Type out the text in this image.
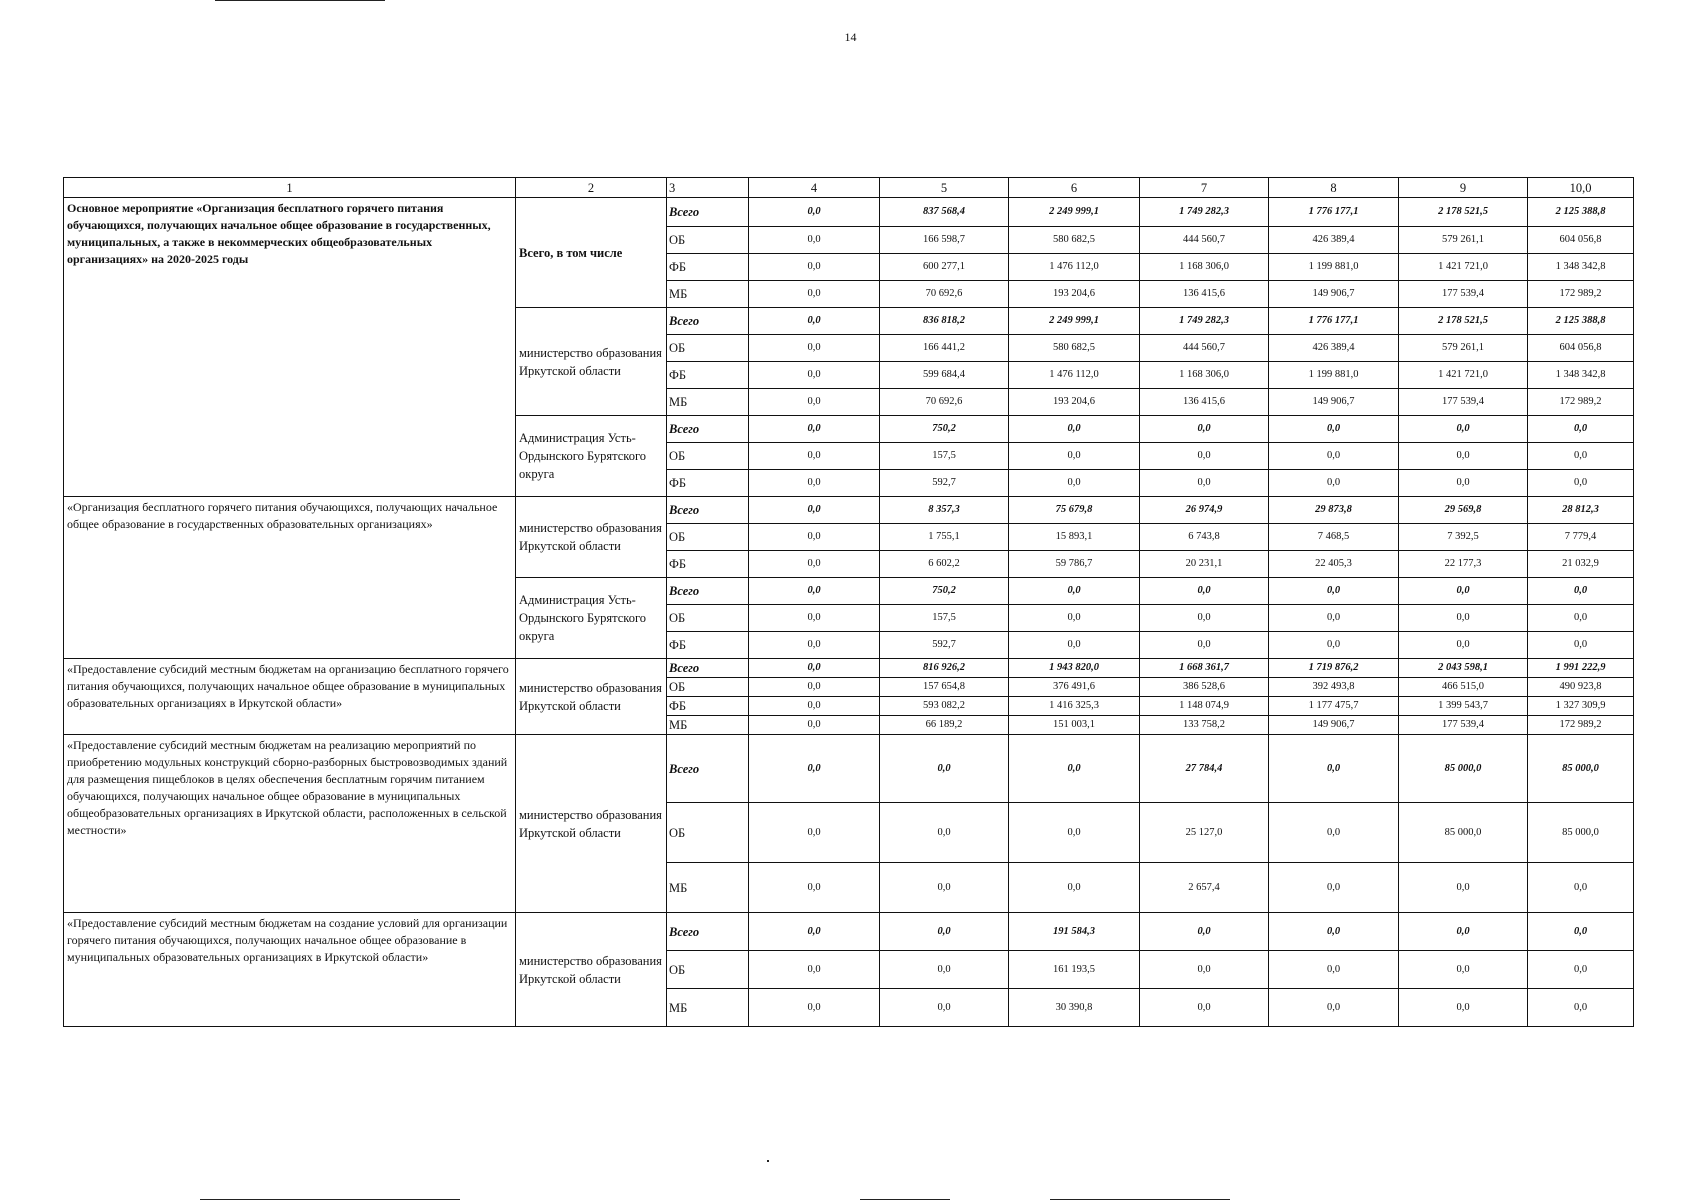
14
1	2	3	4	5	6	7	8	9	10,0
Основное мероприятие «Организация бесплатного горячего питания обучающихся, получающих начальное общее образование в государственных, муниципальных, а также в некоммерческих общеобразовательных организациях» на 2020-2025 годы	Всего, в том числе	Всего	0,0	837 568,4	2 249 999,1	1 749 282,3	1 776 177,1	2 178 521,5	2 125 388,8
		ОБ	0,0	166 598,7	580 682,5	444 560,7	426 389,4	579 261,1	604 056,8
		ФБ	0,0	600 277,1	1 476 112,0	1 168 306,0	1 199 881,0	1 421 721,0	1 348 342,8
		МБ	0,0	70 692,6	193 204,6	136 415,6	149 906,7	177 539,4	172 989,2
	министерство образования Иркутской области	Всего	0,0	836 818,2	2 249 999,1	1 749 282,3	1 776 177,1	2 178 521,5	2 125 388,8
		ОБ	0,0	166 441,2	580 682,5	444 560,7	426 389,4	579 261,1	604 056,8
		ФБ	0,0	599 684,4	1 476 112,0	1 168 306,0	1 199 881,0	1 421 721,0	1 348 342,8
		МБ	0,0	70 692,6	193 204,6	136 415,6	149 906,7	177 539,4	172 989,2
	Администрация Усть-Ордынского Бурятского округа	Всего	0,0	750,2	0,0	0,0	0,0	0,0	0,0
		ОБ	0,0	157,5	0,0	0,0	0,0	0,0	0,0
		ФБ	0,0	592,7	0,0	0,0	0,0	0,0	0,0
«Организация бесплатного горячего питания обучающихся, получающих начальное общее образование в государственных образовательных организациях»	министерство образования Иркутской области	Всего	0,0	8 357,3	75 679,8	26 974,9	29 873,8	29 569,8	28 812,3
		ОБ	0,0	1 755,1	15 893,1	6 743,8	7 468,5	7 392,5	7 779,4
		ФБ	0,0	6 602,2	59 786,7	20 231,1	22 405,3	22 177,3	21 032,9
	Администрация Усть-Ордынского Бурятского округа	Всего	0,0	750,2	0,0	0,0	0,0	0,0	0,0
		ОБ	0,0	157,5	0,0	0,0	0,0	0,0	0,0
		ФБ	0,0	592,7	0,0	0,0	0,0	0,0	0,0
«Предоставление субсидий местным бюджетам на организацию бесплатного горячего питания обучающихся, получающих начальное общее образование в муниципальных образовательных организациях в Иркутской области»	министерство образования Иркутской области	Всего	0,0	816 926,2	1 943 820,0	1 668 361,7	1 719 876,2	2 043 598,1	1 991 222,9
		ОБ	0,0	157 654,8	376 491,6	386 528,6	392 493,8	466 515,0	490 923,8
		ФБ	0,0	593 082,2	1 416 325,3	1 148 074,9	1 177 475,7	1 399 543,7	1 327 309,9
		МБ	0,0	66 189,2	151 003,1	133 758,2	149 906,7	177 539,4	172 989,2
«Предоставление субсидий местным бюджетам на реализацию мероприятий по приобретению модульных конструкций сборно-разборных быстровозводимых зданий для размещения пищеблоков в целях обеспечения бесплатным горячим питанием обучающихся, получающих начальное общее образование в муниципальных общеобразовательных организациях в Иркутской области, расположенных в сельской местности»	министерство образования Иркутской области	Всего	0,0	0,0	0,0	27 784,4	0,0	85 000,0	85 000,0
		ОБ	0,0	0,0	0,0	25 127,0	0,0	85 000,0	85 000,0
		МБ	0,0	0,0	0,0	2 657,4	0,0	0,0	0,0
«Предоставление субсидий местным бюджетам на создание условий для организации горячего питания обучающихся, получающих начальное общее образование в муниципальных образовательных организациях в Иркутской области»	министерство образования Иркутской области	Всего	0,0	0,0	191 584,3	0,0	0,0	0,0	0,0
		ОБ	0,0	0,0	161 193,5	0,0	0,0	0,0	0,0
		МБ	0,0	0,0	30 390,8	0,0	0,0	0,0	0,0
